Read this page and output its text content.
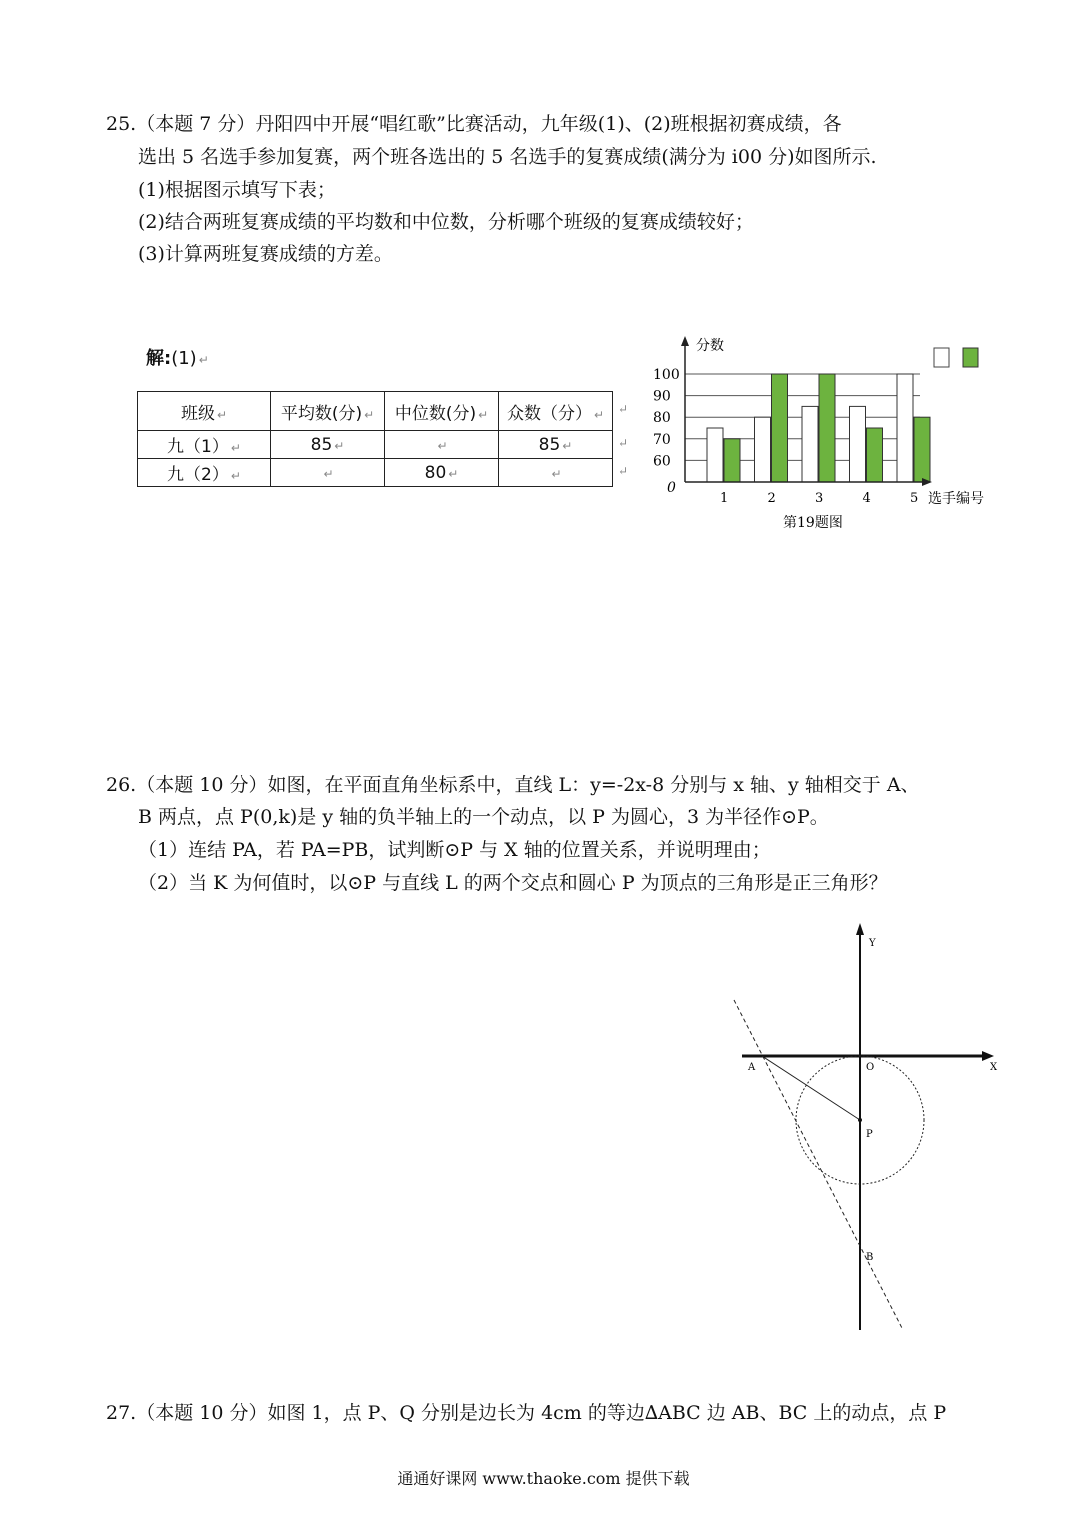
25.（本题 7 分）丹阳四中开展“唱红歌”比赛活动，九年级(1)、(2)班根据初赛成绩，各
选出 5 名选手参加复赛，两个班各选出的 5 名选手的复赛成绩(满分为 i00 分)如图所示.
(1)根据图示填写下表；
(2)结合两班复赛成绩的平均数和中位数，分析哪个班级的复赛成绩较好；
(3)计算两班复赛成绩的方差。
解:(1) ↵
班级 ↵	平均数(分) ↵	中位数(分) ↵	众数（分） ↵
九（1） ↵	85 ↵	↵	85 ↵
九（2） ↵	↵	80 ↵	↵
↵
↵
↵
分数
选手编号
0
第19题图
60
70
80
90
100
1	2	3	4	5
26.（本题 10 分）如图，在平面直角坐标系中，直线 L：y=-2x-8 分别与 x 轴、y 轴相交于 A、
B 两点，点 P(0,k)是 y 轴的负半轴上的一个动点，以 P 为圆心，3 为半径作⊙P。
（1）连结 PA，若 PA=PB，试判断⊙P 与 X 轴的位置关系，并说明理由；
（2）当 K 为何值时，以⊙P 与直线 L 的两个交点和圆心 P 为顶点的三角形是正三角形？
Y
X
O
A
P
B
27.（本题 10 分）如图 1，点 P、Q 分别是边长为 4cm 的等边∆ABC 边 AB、BC 上的动点，点 P
通通好课网 www.thaoke.com 提供下载
